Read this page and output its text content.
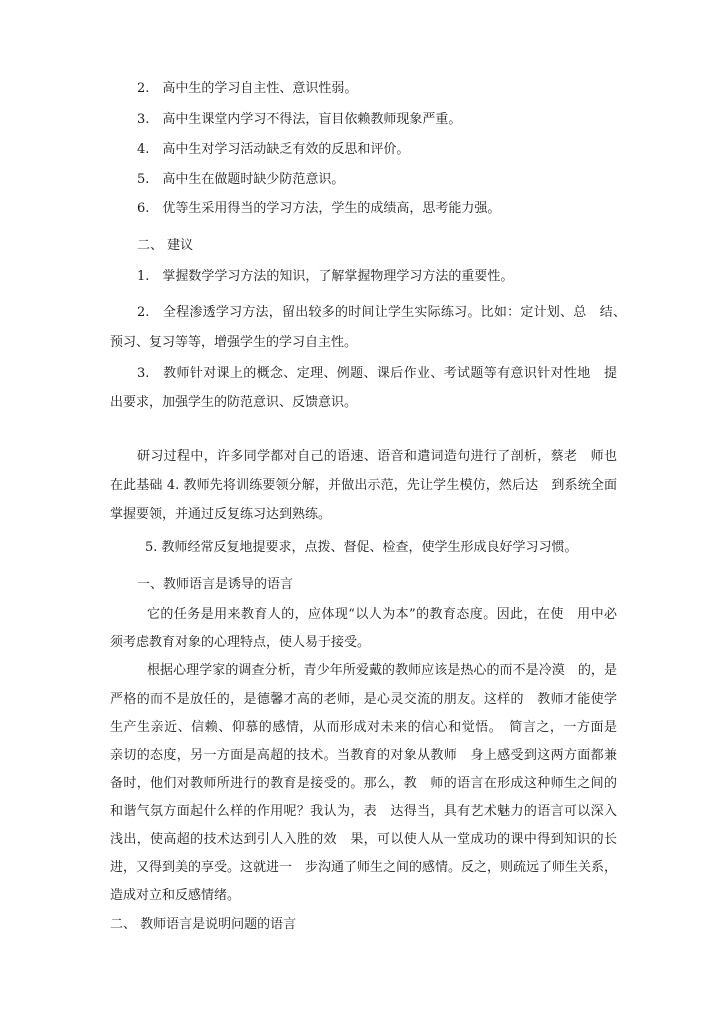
2.　高中生的学习自主性、意识性弱。

3.　高中生课堂内学习不得法，盲目依赖教师现象严重。

4.　高中生对学习活动缺乏有效的反思和评价。

5.　高中生在做题时缺少防范意识。

6.　优等生采用得当的学习方法，学生的成绩高，思考能力强。

二、 建议

1.　掌握数学学习方法的知识，了解掌握物理学习方法的重要性。

2.　全程渗透学习方法，留出较多的时间让学生实际练习。比如：定计划、总　结、

预习、复习等等，增强学生的学习自主性。

3.　教师针对课上的概念、定理、例题、课后作业、考试题等有意识针对性地　提

出要求，加强学生的防范意识、反馈意识。

研习过程中，许多同学都对自己的语速、语音和遣词造句进行了剖析，蔡老　师也

在此基础 4. 教师先将训练要领分解，并做出示范，先让学生模仿，然后达　到系统全面

掌握要领，并通过反复练习达到熟练。

5. 教师经常反复地提要求，点拨、督促、检查，使学生形成良好学习习惯。

一、教师语言是诱导的语言

它的任务是用来教育人的，应体现“以人为本”的教育态度。因此，在使　用中必

须考虑教育对象的心理特点，使人易于接受。

根据心理学家的调查分析，青少年所爱戴的教师应该是热心的而不是冷漠　的，是

严格的而不是放任的，是德馨才高的老师，是心灵交流的朋友。这样的　教师才能使学

生产生亲近、信赖、仰慕的感情，从而形成对未来的信心和觉悟。　简言之，一方面是

亲切的态度，另一方面是高超的技术。当教育的对象从教师　身上感受到这两方面都兼

备时，他们对教师所进行的教育是接受的。那么，教　师的语言在形成这种师生之间的

和谐气氛方面起什么样的作用呢？我认为，表　达得当，具有艺术魅力的语言可以深入

浅出，使高超的技术达到引人入胜的效　果，可以使人从一堂成功的课中得到知识的长

进，又得到美的享受。这就进一　步沟通了师生之间的感情。反之，则疏远了师生关系，

造成对立和反感情绪。

二、 教师语言是说明问题的语言
